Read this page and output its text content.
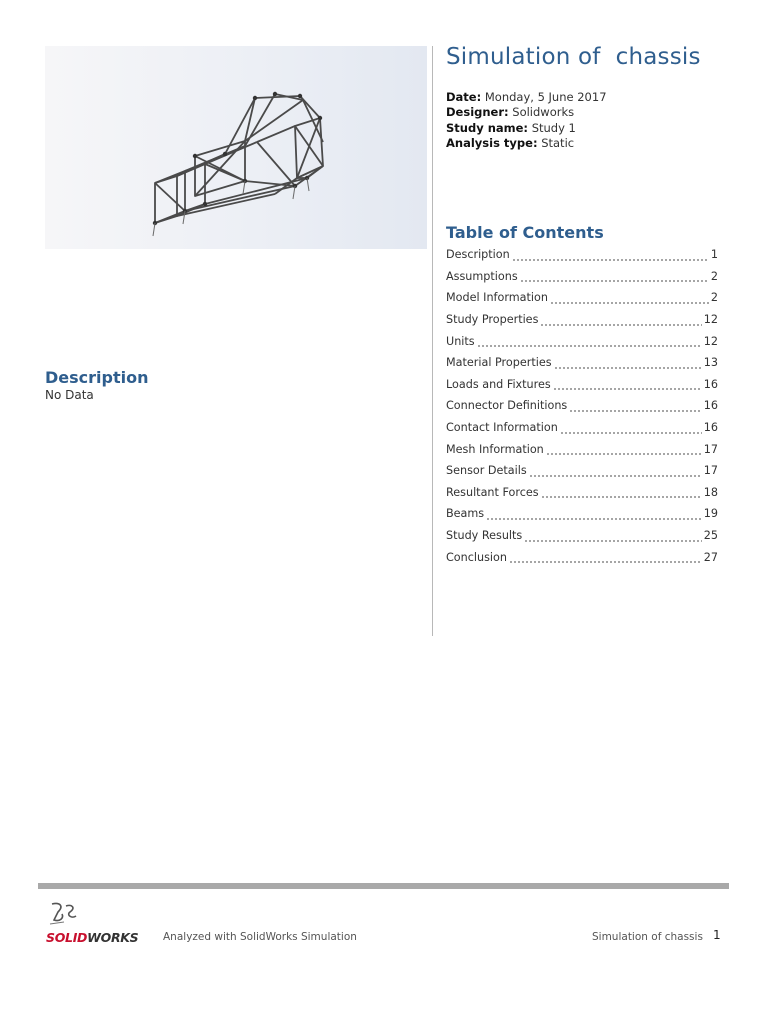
Simulation of  chassis
Date: Monday, 5 June 2017
Designer: Solidworks
Study name: Study 1
Analysis type: Static
Table of Contents
Description	1
Assumptions	2
Model Information	2
Study Properties	12
Units	12
Material Properties	13
Loads and Fixtures	16
Connector Definitions	16
Contact Information	16
Mesh Information	17
Sensor Details	17
Resultant Forces	18
Beams	19
Study Results	25
Conclusion	27
Description
No Data
SOLIDWORKS Analyzed with SolidWorks Simulation	Simulation of chassis 1
